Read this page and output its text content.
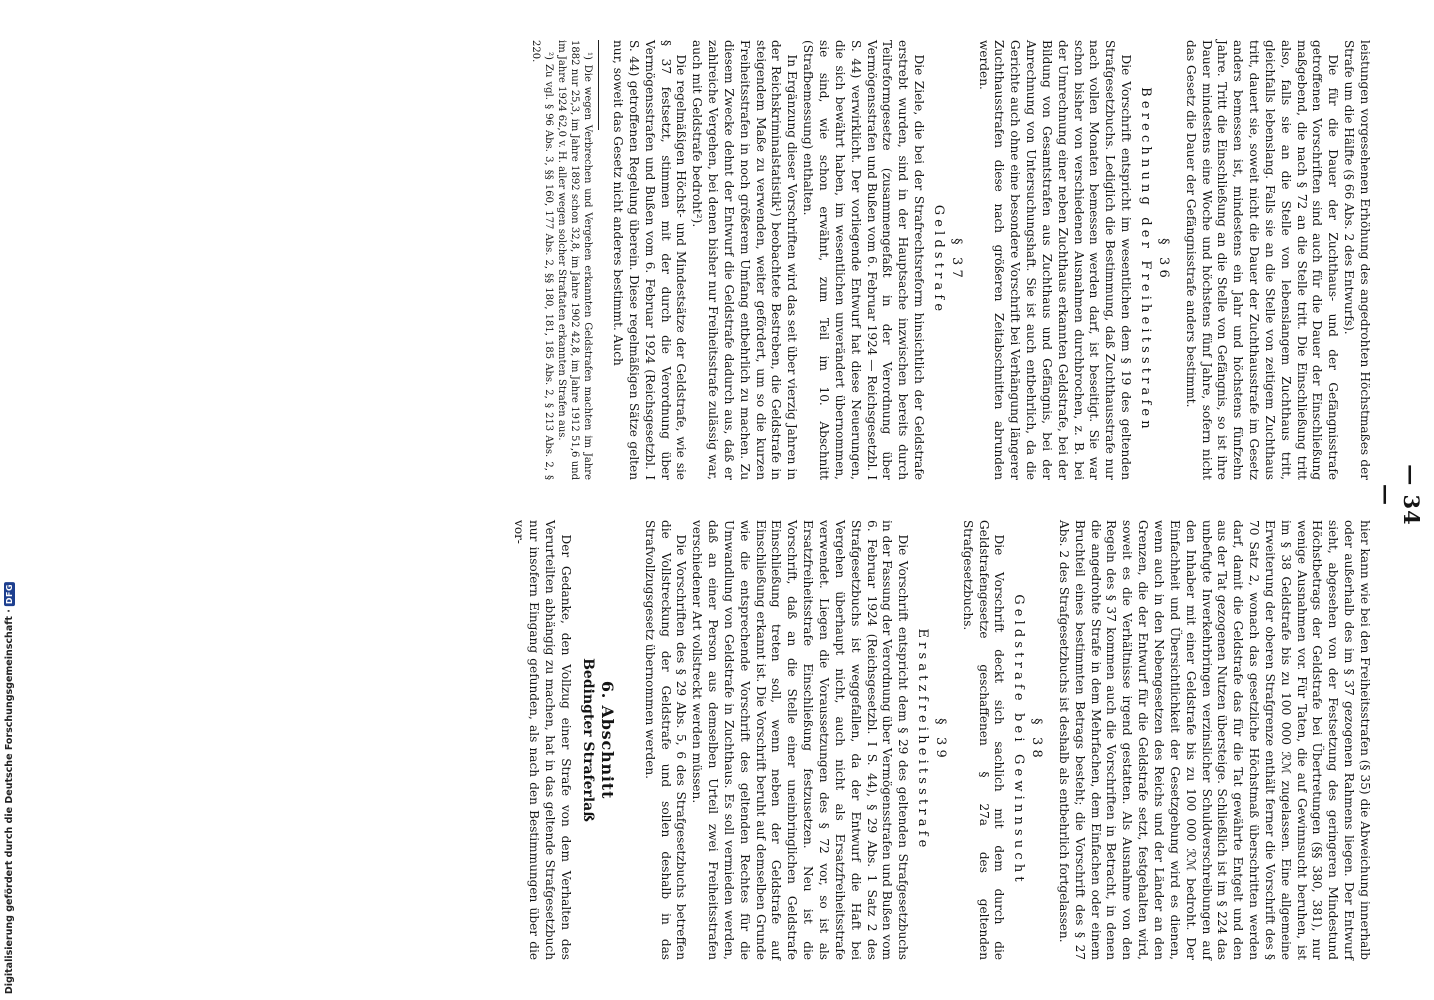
— 34 —

leistungen vorgesehenen Erhöhung des angedrohten Höchstmaßes der Strafe um die Hälfte (§ 66 Abs. 2 des Entwurfs).

Die für die Dauer der Zuchthaus- und der Gefängnisstrafe getroffenen Vorschriften sind auch für die Dauer der Einschließung maßgebend, die nach § 72 an die Stelle tritt. Die Einschließung tritt also, falls sie an die Stelle von lebenslangem Zuchthaus tritt, gleichfalls lebenslang. Falls sie an die Stelle von zeitigem Zuchthaus tritt, dauert sie, soweit nicht die Dauer der Zuchthausstrafe im Gesetz anders bemessen ist, mindestens ein Jahr und höchstens fünfzehn Jahre. Tritt die Einschließung an die Stelle von Gefängnis, so ist ihre Dauer mindestens eine Woche und höchstens fünf Jahre, sofern nicht das Gesetz die Dauer der Gefängnisstrafe anders bestimmt.

§ 36
Berechnung der Freiheitsstrafen

Die Vorschrift entspricht im wesentlichen dem § 19 des geltenden Strafgesetzbuchs. Lediglich die Bestimmung, daß Zuchthausstrafe nur nach vollen Monaten bemessen werden darf, ist beseitigt. Sie war schon bisher von verschiedenen Ausnahmen durchbrochen, z. B. bei der Umrechnung einer neben Zuchthaus erkannten Geldstrafe, bei der Bildung von Gesamtstrafen aus Zuchthaus und Gefängnis, bei der Anrechnung von Untersuchungshaft. Sie ist auch entbehrlich, da die Gerichte auch ohne eine besondere Vorschrift bei Verhängung längerer Zuchthausstrafen diese nach größeren Zeitabschnitten abrunden werden.

§ 37
Geldstrafe

Die Ziele, die bei der Strafrechtsreform hinsichtlich der Geldstrafe erstrebt wurden, sind in der Hauptsache inzwischen bereits durch Teilreformgesetze (zusammengefaßt in der Verordnung über Vermögensstrafen und Bußen vom 6. Februar 1924 — Reichsgesetzbl. I S. 44) verwirklicht. Der vorliegende Entwurf hat diese Neuerungen, die sich bewährt haben, im wesentlichen unverändert übernommen, sie sind, wie schon erwähnt, zum Teil im 10. Abschnitt (Strafbemessung) enthalten.

In Ergänzung dieser Vorschriften wird das seit über vierzig Jahren in der Reichskriminalstatistik¹) beobachtete Bestreben, die Geldstrafe in steigendem Maße zu verwenden, weiter gefördert, um so die kurzen Freiheitsstrafen in noch größerem Umfang entbehrlich zu machen. Zu diesem Zwecke dehnt der Entwurf die Geldstrafe dadurch aus, daß er zahlreiche Vergehen, bei denen bisher nur Freiheitsstrafe zulässig war, auch mit Geldstrafe bedroht²).

Die regelmäßigen Höchst- und Mindestsätze der Geldstrafe, wie sie § 37 festsetzt, stimmen mit der durch die Verordnung über Vermögensstrafen und Bußen vom 6. Februar 1924 (Reichsgesetzbl. I S. 44) getroffenen Regelung überein. Diese regelmäßigen Sätze gelten nur, soweit das Gesetz nicht anderes bestimmt. Auch

¹) Die wegen Verbrechen und Vergehen erkannten Geldstrafen machten im Jahre 1882 nur 25,3, im Jahre 1892 schon 32,8, im Jahre 1902 42,8, im Jahre 1912 51,6 und im Jahre 1924 62,0 v. H. aller wegen solcher Straftaten erkannten Strafen aus.

²) Zu vgl. § 96 Abs. 3, §§ 160, 177 Abs. 2, §§ 180, 181, 185 Abs. 2, § 213 Abs. 2, § 220.

hier kann wie bei den Freiheitsstrafen (§ 35) die Abweichung innerhalb oder außerhalb des im § 37 gezogenen Rahmens liegen. Der Entwurf sieht, abgesehen von der Festsetzung des geringeren Mindestund Höchstbetrags der Geldstrafe bei Übertretungen (§§ 380, 381), nur wenige Ausnahmen vor. Für Taten, die auf Gewinnsucht beruhen, ist im § 38 Geldstrafe bis zu 100 000 ℛℳ zugelassen. Eine allgemeine Erweiterung der oberen Strafgrenze enthält ferner die Vorschrift des § 70 Satz 2, wonach das gesetzliche Höchstmaß überschritten werden darf, damit die Geldstrafe das für die Tat gewährte Entgelt und den aus der Tat gezogenen Nutzen übersteige. Schließlich ist im § 224 das unbefugte Inverkehrbringen verzinslicher Schuldverschreibungen auf den Inhaber mit einer Geldstrafe bis zu 100 000 ℛℳ bedroht. Der Einfachheit und Übersichtlichkeit der Gesetzgebung wird es dienen, wenn auch in den Nebengesetzen des Reichs und der Länder an den Grenzen, die der Entwurf für die Geldstrafe setzt, festgehalten wird, soweit es die Verhältnisse irgend gestatten. Als Ausnahme von den Regeln des § 37 kommen auch die Vorschriften in Betracht, in denen die angedrohte Strafe in dem Mehrfachen, dem Einfachen oder einem Bruchteil eines bestimmten Betrags besteht; die Vorschrift des § 27 Abs. 2 des Strafgesetzbuchs ist deshalb als entbehrlich fortgelassen.

§ 38
Geldstrafe bei Gewinnsucht

Die Vorschrift deckt sich sachlich mit dem durch die Geldstrafengesetze geschaffenen § 27a des geltenden Strafgesetzbuchs.

§ 39
Ersatzfreiheitsstrafe

Die Vorschrift entspricht dem § 29 des geltenden Strafgesetzbuchs in der Fassung der Verordnung über Vermögensstrafen und Bußen vom 6. Februar 1924 (Reichsgesetzbl. I S. 44), § 29 Abs. 1 Satz 2 des Strafgesetzbuchs ist weggefallen, da der Entwurf die Haft bei Vergehen überhaupt nicht, auch nicht als Ersatzfreiheitsstrafe verwendet. Liegen die Voraussetzungen des § 72 vor, so ist als Ersatzfreiheitsstrafe Einschließung festzusetzen. Neu ist die Vorschrift, daß an die Stelle einer uneinbringlichen Geldstrafe Einschließung treten soll, wenn neben der Geldstrafe auf Einschließung erkannt ist. Die Vorschrift beruht auf demselben Grunde wie die entsprechende Vorschrift des geltenden Rechtes für die Umwandlung von Geldstrafe in Zuchthaus. Es soll vermieden werden, daß an einer Person aus demselben Urteil zwei Freiheitsstrafen verschiedener Art vollstreckt werden müssen.

Die Vorschriften des § 29 Abs. 5, 6 des Strafgesetzbuchs betreffen die Vollstreckung der Geldstrafe und sollen deshalb in das Strafvollzugsgesetz übernommen werden.

6. Abschnitt
Bedingter Straferlaß

Der Gedanke, den Vollzug einer Strafe von dem Verhalten des Verurteilten abhängig zu machen, hat in das geltende Strafgesetzbuch nur insofern Eingang gefunden, als nach den Bestimmungen über die vor-

Digitalisierung gefördert durch die Deutsche Forschungsgemeinschaft ·
DFG
